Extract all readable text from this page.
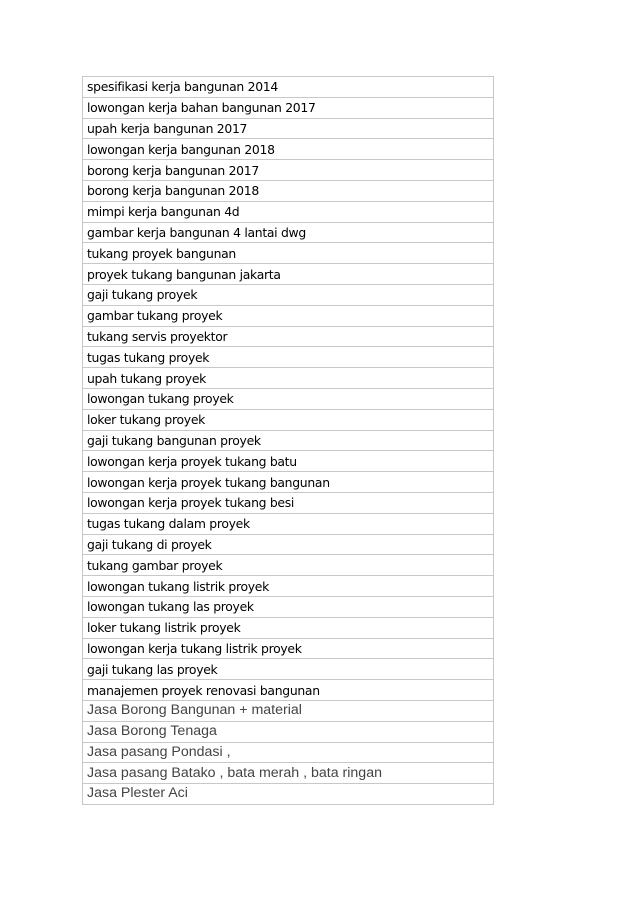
spesifikasi kerja bangunan 2014
lowongan kerja bahan bangunan 2017
upah kerja bangunan 2017
lowongan kerja bangunan 2018
borong kerja bangunan 2017
borong kerja bangunan 2018
mimpi kerja bangunan 4d
gambar kerja bangunan 4 lantai dwg
tukang proyek bangunan
proyek tukang bangunan jakarta
gaji tukang proyek
gambar tukang proyek
tukang servis proyektor
tugas tukang proyek
upah tukang proyek
lowongan tukang proyek
loker tukang proyek
gaji tukang bangunan proyek
lowongan kerja proyek tukang batu
lowongan kerja proyek tukang bangunan
lowongan kerja proyek tukang besi
tugas tukang dalam proyek
gaji tukang di proyek
tukang gambar proyek
lowongan tukang listrik proyek
lowongan tukang las proyek
loker tukang listrik proyek
lowongan kerja tukang listrik proyek
gaji tukang las proyek
manajemen proyek renovasi bangunan
Jasa Borong Bangunan + material
Jasa Borong Tenaga
Jasa pasang Pondasi ,
Jasa pasang Batako , bata merah , bata ringan
Jasa Plester Aci
